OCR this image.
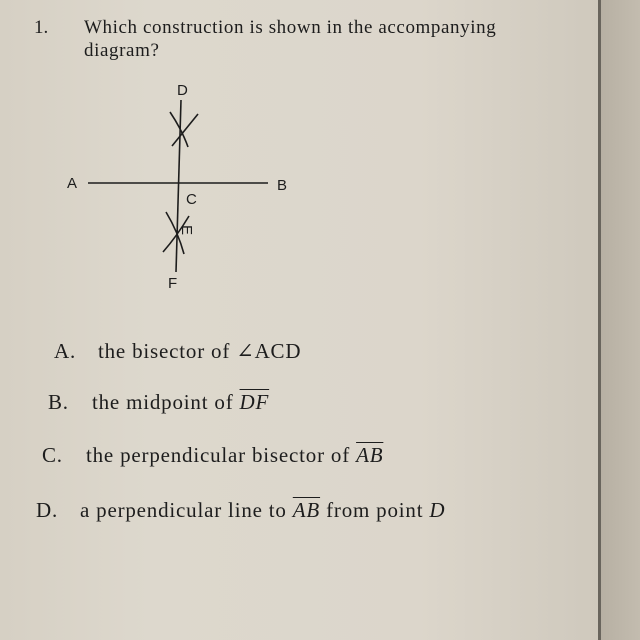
1. Which construction is shown in the accompanying diagram?
D
A	B
C
E
F
A. the bisector of ∠ACD
B. the midpoint of $\overline{DF}$
C. the perpendicular bisector of $\overline{AB}$
D. a perpendicular line to $\overline{AB}$ from point D
